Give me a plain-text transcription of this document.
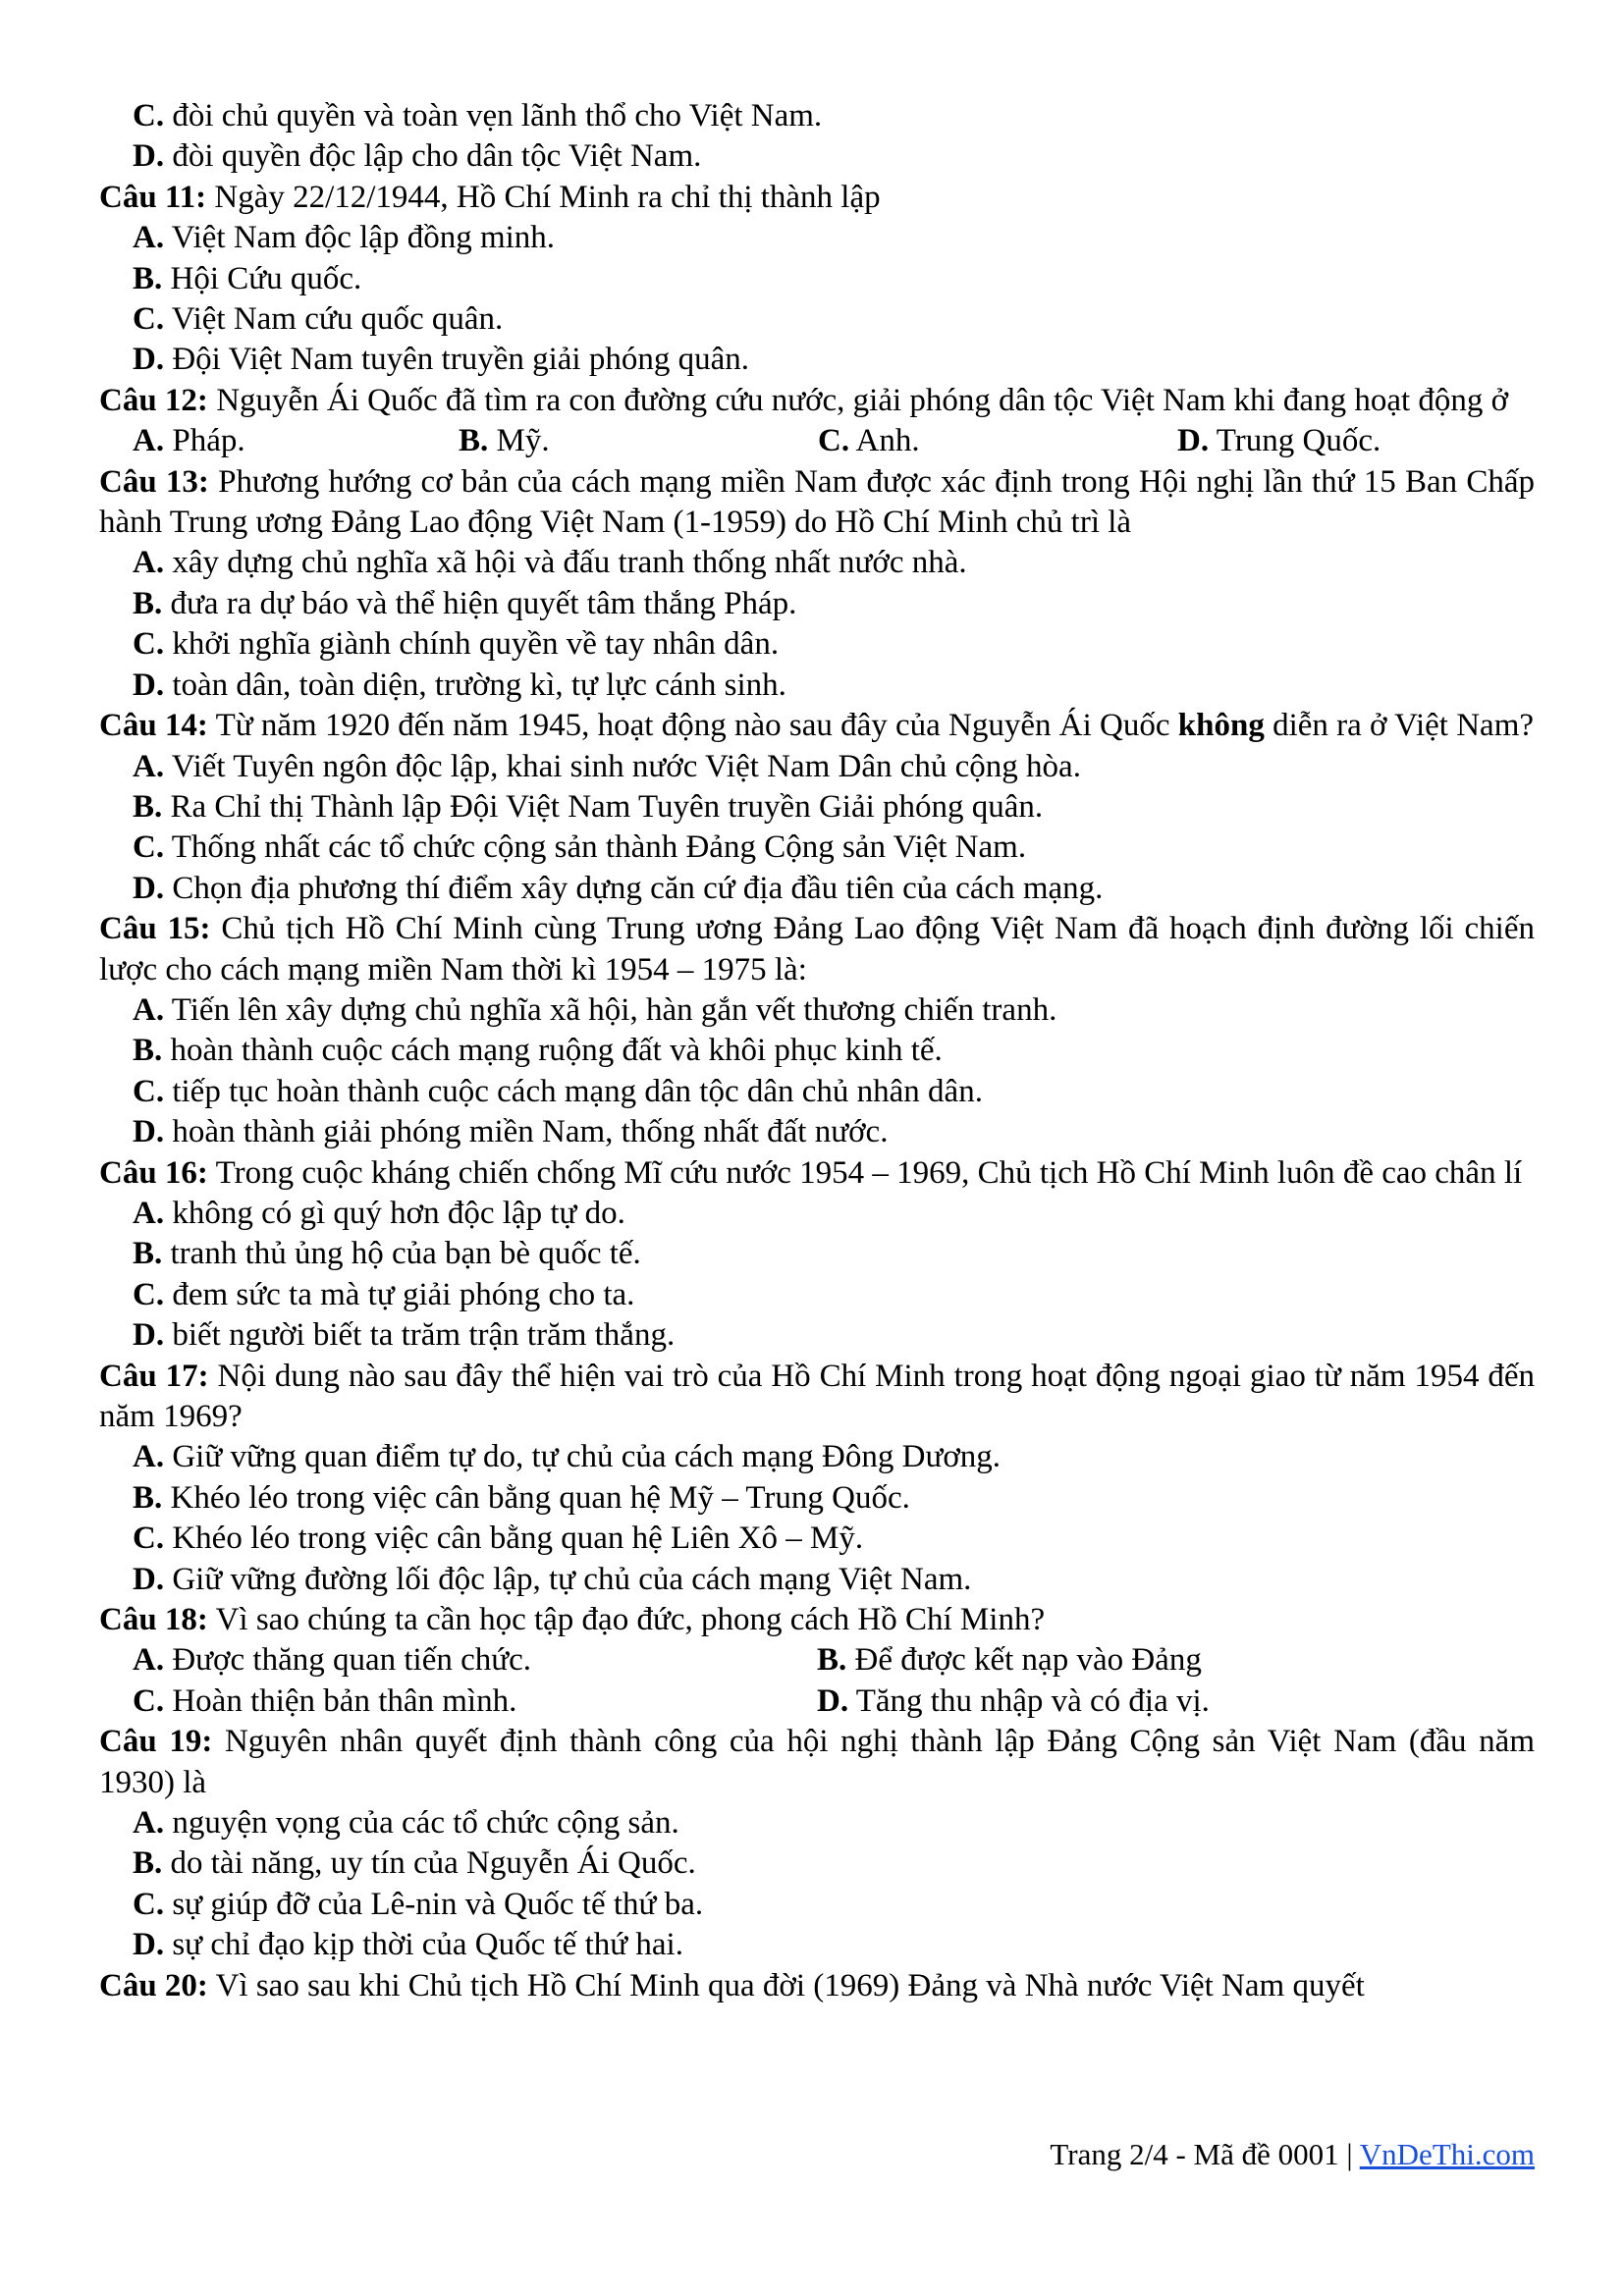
C. đòi chủ quyền và toàn vẹn lãnh thổ cho Việt Nam.
D. đòi quyền độc lập cho dân tộc Việt Nam.
Câu 11: Ngày 22/12/1944, Hồ Chí Minh ra chỉ thị thành lập
A. Việt Nam độc lập đồng minh.
B. Hội Cứu quốc.
C. Việt Nam cứu quốc quân.
D. Đội Việt Nam tuyên truyền giải phóng quân.
Câu 12: Nguyễn Ái Quốc đã tìm ra con đường cứu nước, giải phóng dân tộc Việt Nam khi đang hoạt động ở
A. Pháp.	B. Mỹ.	C. Anh.	D. Trung Quốc.
Câu 13: Phương hướng cơ bản của cách mạng miền Nam được xác định trong Hội nghị lần thứ 15 Ban Chấp hành Trung ương Đảng Lao động Việt Nam (1-1959) do Hồ Chí Minh chủ trì là
A. xây dựng chủ nghĩa xã hội và đấu tranh thống nhất nước nhà.
B. đưa ra dự báo và thể hiện quyết tâm thắng Pháp.
C. khởi nghĩa giành chính quyền về tay nhân dân.
D. toàn dân, toàn diện, trường kì, tự lực cánh sinh.
Câu 14: Từ năm 1920 đến năm 1945, hoạt động nào sau đây của Nguyễn Ái Quốc không diễn ra ở Việt Nam?
A. Viết Tuyên ngôn độc lập, khai sinh nước Việt Nam Dân chủ cộng hòa.
B. Ra Chỉ thị Thành lập Đội Việt Nam Tuyên truyền Giải phóng quân.
C. Thống nhất các tổ chức cộng sản thành Đảng Cộng sản Việt Nam.
D. Chọn địa phương thí điểm xây dựng căn cứ địa đầu tiên của cách mạng.
Câu 15: Chủ tịch Hồ Chí Minh cùng Trung ương Đảng Lao động Việt Nam đã hoạch định đường lối chiến lược cho cách mạng miền Nam thời kì 1954 – 1975 là:
A. Tiến lên xây dựng chủ nghĩa xã hội, hàn gắn vết thương chiến tranh.
B. hoàn thành cuộc cách mạng ruộng đất và khôi phục kinh tế.
C. tiếp tục hoàn thành cuộc cách mạng dân tộc dân chủ nhân dân.
D. hoàn thành giải phóng miền Nam, thống nhất đất nước.
Câu 16: Trong cuộc kháng chiến chống Mĩ cứu nước 1954 – 1969, Chủ tịch Hồ Chí Minh luôn đề cao chân lí
A. không có gì quý hơn độc lập tự do.
B. tranh thủ ủng hộ của bạn bè quốc tế.
C. đem sức ta mà tự giải phóng cho ta.
D. biết người biết ta trăm trận trăm thắng.
Câu 17: Nội dung nào sau đây thể hiện vai trò của Hồ Chí Minh trong hoạt động ngoại giao từ năm 1954 đến năm 1969?
A. Giữ vững quan điểm tự do, tự chủ của cách mạng Đông Dương.
B. Khéo léo trong việc cân bằng quan hệ Mỹ – Trung Quốc.
C. Khéo léo trong việc cân bằng quan hệ Liên Xô – Mỹ.
D. Giữ vững đường lối độc lập, tự chủ của cách mạng Việt Nam.
Câu 18: Vì sao chúng ta cần học tập đạo đức, phong cách Hồ Chí Minh?
A. Được thăng quan tiến chức.	B. Để được kết nạp vào Đảng
C. Hoàn thiện bản thân mình.	D. Tăng thu nhập và có địa vị.
Câu 19: Nguyên nhân quyết định thành công của hội nghị thành lập Đảng Cộng sản Việt Nam (đầu năm 1930) là
A. nguyện vọng của các tổ chức cộng sản.
B. do tài năng, uy tín của Nguyễn Ái Quốc.
C. sự giúp đỡ của Lê-nin và Quốc tế thứ ba.
D. sự chỉ đạo kịp thời của Quốc tế thứ hai.
Câu 20: Vì sao sau khi Chủ tịch Hồ Chí Minh qua đời (1969) Đảng và Nhà nước Việt Nam quyết
Trang 2/4 - Mã đề 0001 | VnDeThi.com
